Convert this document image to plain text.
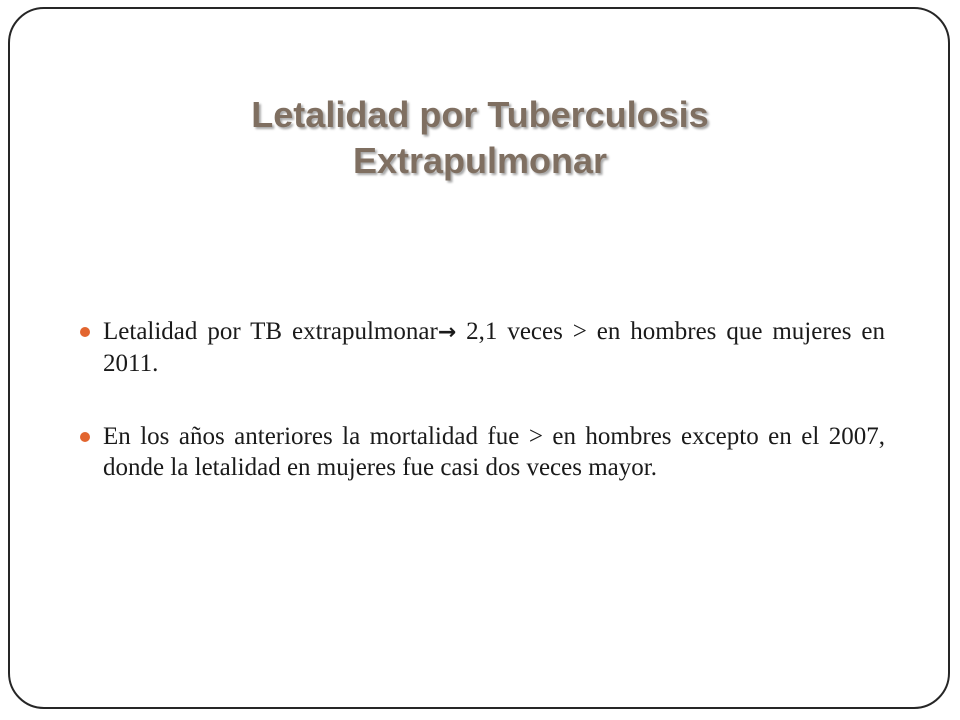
Letalidad por Tuberculosis
Extrapulmonar
Letalidad por TB extrapulmonar→ 2,1 veces > en hombres que mujeres en 2011.
En los años anteriores la mortalidad fue > en hombres excepto en el 2007, donde la letalidad en mujeres fue casi dos veces mayor.
